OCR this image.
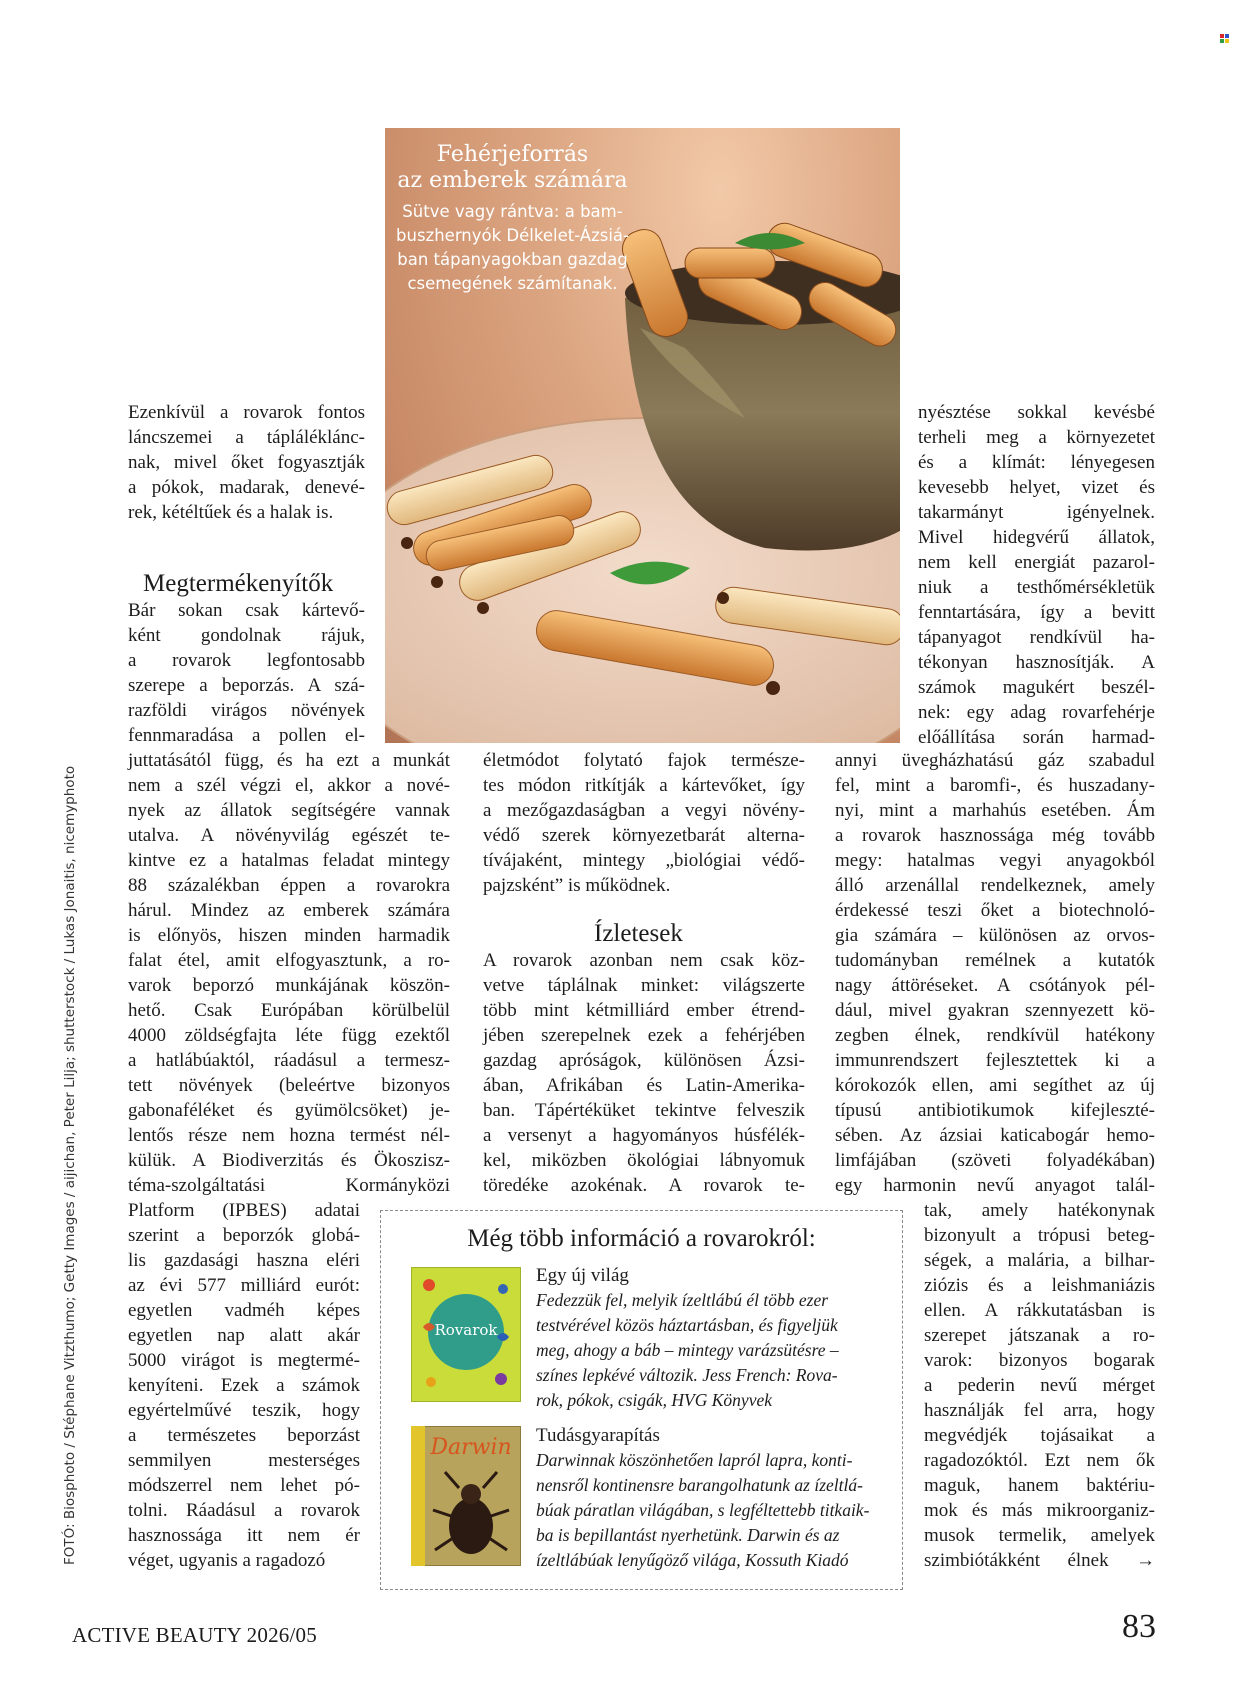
Fehérjeforrás
az emberek számára
Sütve vagy rántva: a bam-
buszhernyók Délkelet-Ázsiá-
ban tápanyagokban gazdag
csemegének számítanak.
Ezenkívül a rovarok fontos
láncszemei a tápláléklánc-
nak, mivel őket fogyasztják
a pókok, madarak, denevé-
rek, kétéltűek és a halak is.
Megtermékenyítők
Bár sokan csak kártevő-
ként gondolnak rájuk,
a rovarok legfontosabb
szerepe a beporzás. A szá-
razföldi virágos növények
fennmaradása a pollen el-
juttatásától függ, és ha ezt a munkát
nem a szél végzi el, akkor a nové-
nyek az állatok segítségére vannak
utalva. A növényvilág egészét te-
kintve ez a hatalmas feladat mintegy
88 százalékban éppen a rovarokra
hárul. Mindez az emberek számára
is előnyös, hiszen minden harmadik
falat étel, amit elfogyasztunk, a ro-
varok beporzó munkájának köszön-
hető. Csak Európában körülbelül
4000 zöldségfajta léte függ ezektől
a hatlábúaktól, ráadásul a termesz-
tett növények (beleértve bizonyos
gabonaféléket és gyümölcsöket) je-
lentős része nem hozna termést nél-
külük. A Biodiverzitás és Ökoszisz-
téma-szolgáltatási Kormányközi
Platform (IPBES) adatai
szerint a beporzók globá-
lis gazdasági haszna eléri
az évi 577 milliárd eurót:
egyetlen vadméh képes
egyetlen nap alatt akár
5000 virágot is megtermé-
kenyíteni. Ezek a számok
egyértelművé teszik, hogy
a természetes beporzást
semmilyen mesterséges
módszerrel nem lehet pó-
tolni. Ráadásul a rovarok
hasznossága itt nem ér
véget, ugyanis a ragadozó
életmódot folytató fajok természe-
tes módon ritkítják a kártevőket, így
a mezőgazdaságban a vegyi növény-
védő szerek környezetbarát alterna-
tívájaként, mintegy „biológiai védő-
pajzsként” is működnek.
Ízletesek
A rovarok azonban nem csak köz-
vetve táplálnak minket: világszerte
több mint kétmilliárd ember étrend-
jében szerepelnek ezek a fehérjében
gazdag apróságok, különösen Ázsi-
ában, Afrikában és Latin-Amerika-
ban. Tápértéküket tekintve felveszik
a versenyt a hagyományos húsfélék-
kel, miközben ökológiai lábnyomuk
töredéke azokénak. A rovarok te-
nyésztése sokkal kevésbé
terheli meg a környezetet
és a klímát: lényegesen
kevesebb helyet, vizet és
takarmányt igényelnek.
Mivel hidegvérű állatok,
nem kell energiát pazarol-
niuk a testhőmérsékletük
fenntartására, így a bevitt
tápanyagot rendkívül ha-
tékonyan hasznosítják. A
számok magukért beszél-
nek: egy adag rovarfehérje
előállítása során harmad-
annyi üvegházhatású gáz szabadul
fel, mint a baromfi-, és huszadany-
nyi, mint a marhahús esetében. Ám
a rovarok hasznossága még tovább
megy: hatalmas vegyi anyagokból
álló arzenállal rendelkeznek, amely
érdekessé teszi őket a biotechnoló-
gia számára – különösen az orvos-
tudományban remélnek a kutatók
nagy áttöréseket. A csótányok pél-
dául, mivel gyakran szennyezett kö-
zegben élnek, rendkívül hatékony
immunrendszert fejlesztettek ki a
kórokozók ellen, ami segíthet az új
típusú antibiotikumok kifejleszté-
sében. Az ázsiai katicabogár hemo-
limfájában (szöveti folyadékában)
egy harmonin nevű anyagot talál-
tak, amely hatékonynak
bizonyult a trópusi beteg-
ségek, a malária, a bilhar-
ziózis és a leishmaniázis
ellen. A rákkutatásban is
szerepet játszanak a ro-
varok: bizonyos bogarak
a pederin nevű mérget
használják fel arra, hogy
megvédjék tojásaikat a
ragadozóktól. Ezt nem ők
maguk, hanem baktériu-
mok és más mikroorganiz-
musok termelik, amelyek
szimbiótákként élnek →
FOTÓ: Biosphoto / Stéphane Vitzthumo; Getty Images / aijichan, Peter Lilja; shutterstock / Lukas Jonaitis, nicemyphoto	Még több információ a rovarokról:
Rovarok
Egy új világ
Fedezzük fel, melyik ízeltlábú él több ezer
testvérével közös háztartásban, és figyeljük
meg, ahogy a báb – mintegy varázsütésre –
színes lepkévé változik. Jess French: Rova-
rok, pókok, csigák, HVG Könyvek
Darwin Tudásgyarapítás
Darwinnak köszönhetően lapról lapra, konti-
nensről kontinensre barangolhatunk az ízeltlá-
búak páratlan világában, s legféltettebb titkaik-
ba is bepillantást nyerhetünk. Darwin és az
ízeltlábúak lenyűgöző világa, Kossuth Kiadó
ACTIVE BEAUTY 2026/05	83
